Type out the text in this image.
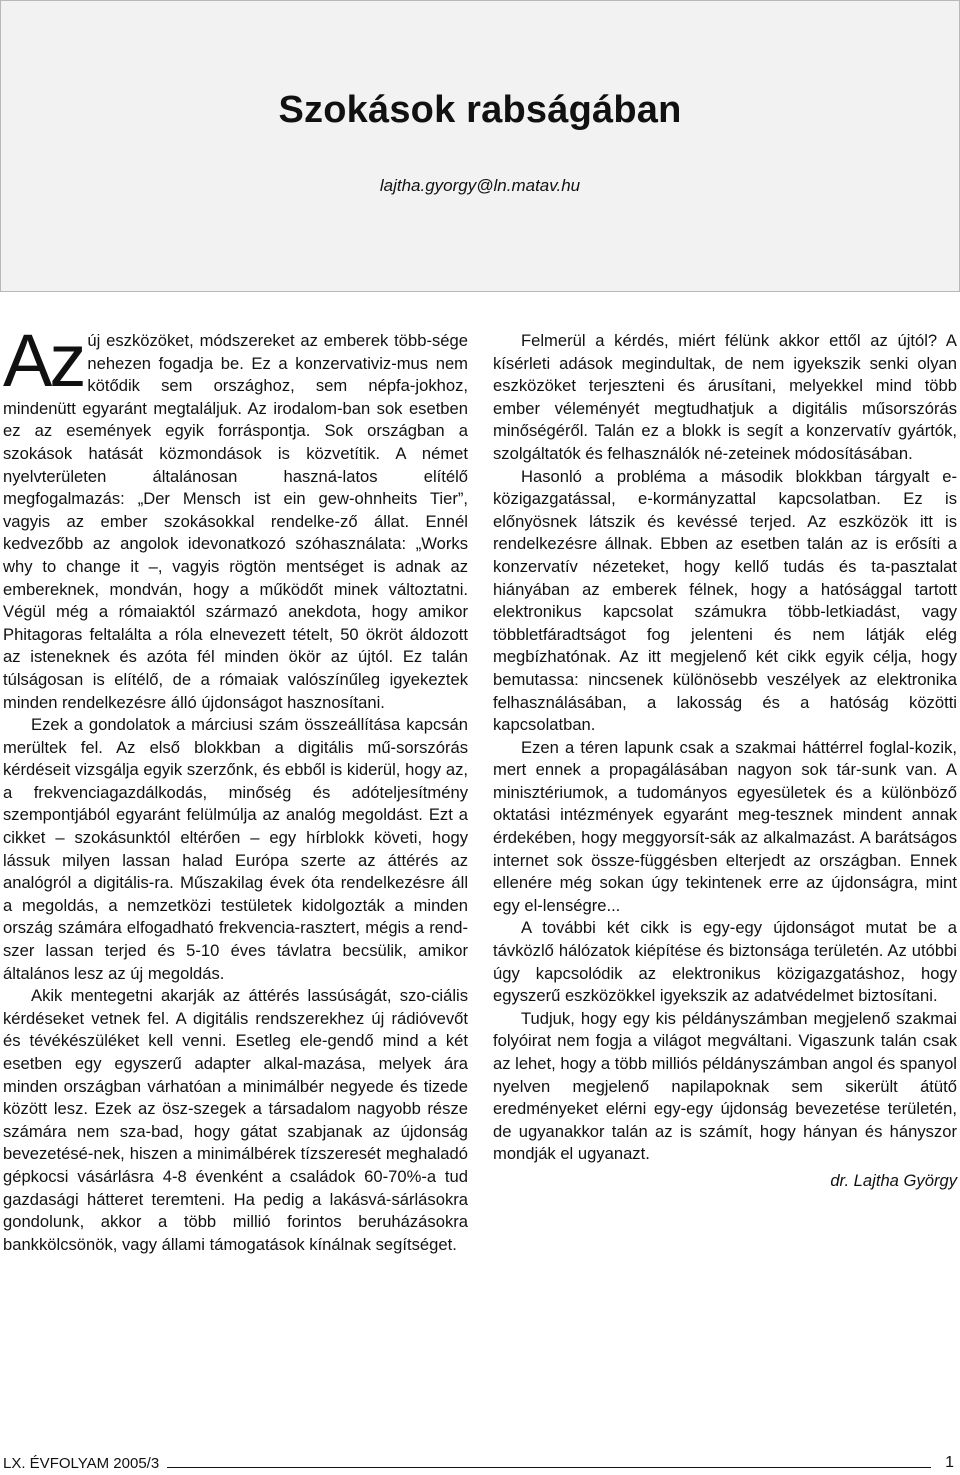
Szokások rabságában
lajtha.gyorgy@ln.matav.hu

Az új eszközöket, módszereket az emberek több-sége nehezen fogadja be. Ez a konzervativiz-mus nem kötődik sem országhoz, sem népfa-jokhoz, mindenütt egyaránt megtaláljuk. Az irodalom-ban sok esetben ez az események egyik forráspontja. Sok országban a szokások hatását közmondások is közvetítik. A német nyelvterületen általánosan haszná-latos elítélő megfogalmazás: „Der Mensch ist ein gew-ohnheits Tier”, vagyis az ember szokásokkal rendelke-ző állat. Ennél kedvezőbb az angolok idevonatkozó szóhasználata: „Works why to change it –, vagyis rögtön mentséget is adnak az embereknek, mondván, hogy a működőt minek változtatni. Végül még a rómaiaktól származó anekdota, hogy amikor Phitagoras feltalálta a róla elnevezett tételt, 50 ökröt áldozott az isteneknek és azóta fél minden ökör az újtól. Ez talán túlságosan is elítélő, de a rómaiak valószínűleg igyekeztek minden rendelkezésre álló újdonságot hasznosítani.

Ezek a gondolatok a márciusi szám összeállítása kapcsán merültek fel. Az első blokkban a digitális mű-sorszórás kérdéseit vizsgálja egyik szerzőnk, és ebből is kiderül, hogy az, a frekvenciagazdálkodás, minőség és adóteljesítmény szempontjából egyaránt felülmúlja az analóg megoldást. Ezt a cikket – szokásunktól eltérően – egy hírblokk követi, hogy lássuk milyen lassan halad Európa szerte az áttérés az analógról a digitális-ra. Műszakilag évek óta rendelkezésre áll a megoldás, a nemzetközi testületek kidolgozták a minden ország számára elfogadható frekvencia-rasztert, mégis a rend-szer lassan terjed és 5-10 éves távlatra becsülik, amikor általános lesz az új megoldás.

Akik mentegetni akarják az áttérés lassúságát, szo-ciális kérdéseket vetnek fel. A digitális rendszerekhez új rádióvevőt és tévékészüléket kell venni. Esetleg ele-gendő mind a két esetben egy egyszerű adapter alkal-mazása, melyek ára minden országban várhatóan a minimálbér negyede és tizede között lesz. Ezek az ösz-szegek a társadalom nagyobb része számára nem sza-bad, hogy gátat szabjanak az újdonság bevezetésé-nek, hiszen a minimálbérek tízszeresét meghaladó gépkocsi vásárlásra 4-8 évenként a családok 60-70%-a tud gazdasági hátteret teremteni. Ha pedig a lakásvá-sárlásokra gondolunk, akkor a több millió forintos beruházásokra bankkölcsönök, vagy állami támogatások kínálnak segítséget.

Felmerül a kérdés, miért félünk akkor ettől az újtól? A kísérleti adások megindultak, de nem igyekszik senki olyan eszközöket terjeszteni és árusítani, melyekkel mind több ember véleményét megtudhatjuk a digitális műsorszórás minőségéről. Talán ez a blokk is segít a konzervatív gyártók, szolgáltatók és felhasználók né-zeteinek módosításában.

Hasonló a probléma a második blokkban tárgyalt e-közigazgatással, e-kormányzattal kapcsolatban. Ez is előnyösnek látszik és kevéssé terjed. Az eszközök itt is rendelkezésre állnak. Ebben az esetben talán az is erősíti a konzervatív nézeteket, hogy kellő tudás és ta-pasztalat hiányában az emberek félnek, hogy a hatósággal tartott elektronikus kapcsolat számukra több-letkiadást, vagy többletfáradtságot fog jelenteni és nem látják elég megbízhatónak. Az itt megjelenő két cikk egyik célja, hogy bemutassa: nincsenek különösebb veszélyek az elektronika felhasználásában, a lakosság és a hatóság közötti kapcsolatban.

Ezen a téren lapunk csak a szakmai háttérrel foglal-kozik, mert ennek a propagálásában nagyon sok tár-sunk van. A minisztériumok, a tudományos egyesületek és a különböző oktatási intézmények egyaránt meg-tesznek mindent annak érdekében, hogy meggyorsít-sák az alkalmazást. A barátságos internet sok össze-függésben elterjedt az országban. Ennek ellenére még sokan úgy tekintenek erre az újdonságra, mint egy el-lenségre...

A további két cikk is egy-egy újdonságot mutat be a távközlő hálózatok kiépítése és biztonsága területén. Az utóbbi úgy kapcsolódik az elektronikus közigazgatáshoz, hogy egyszerű eszközökkel igyekszik az adatvédelmet biztosítani.

Tudjuk, hogy egy kis példányszámban megjelenő szakmai folyóirat nem fogja a világot megváltani. Vigaszunk talán csak az lehet, hogy a több milliós példányszámban angol és spanyol nyelven megjelenő napilapoknak sem sikerült átütő eredményeket elérni egy-egy újdonság bevezetése területén, de ugyanakkor talán az is számít, hogy hányan és hányszor mondják el ugyanazt.

dr. Lajtha György

LX. ÉVFOLYAM 2005/3	1
